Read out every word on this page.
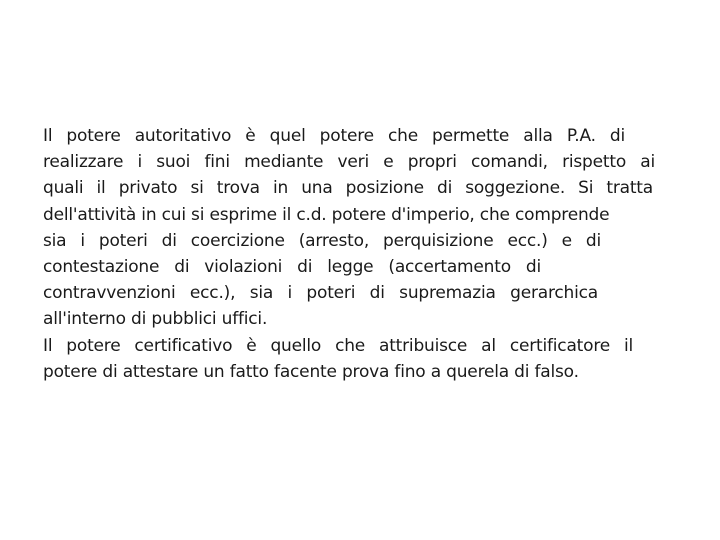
Il potere autoritativo è quel potere che permette alla P.A. di
realizzare i suoi fini mediante veri e propri comandi, rispetto ai
quali il privato si trova in una posizione di soggezione. Si tratta
dell'attività in cui si esprime il c.d. potere d'imperio, che comprende
sia i poteri di coercizione (arresto, perquisizione ecc.) e di
contestazione di violazioni di legge (accertamento di
contravvenzioni ecc.), sia i poteri di supremazia gerarchica
all'interno di pubblici uffici.
Il potere certificativo è quello che attribuisce al certificatore il
potere di attestare un fatto facente prova fino a querela di falso.
